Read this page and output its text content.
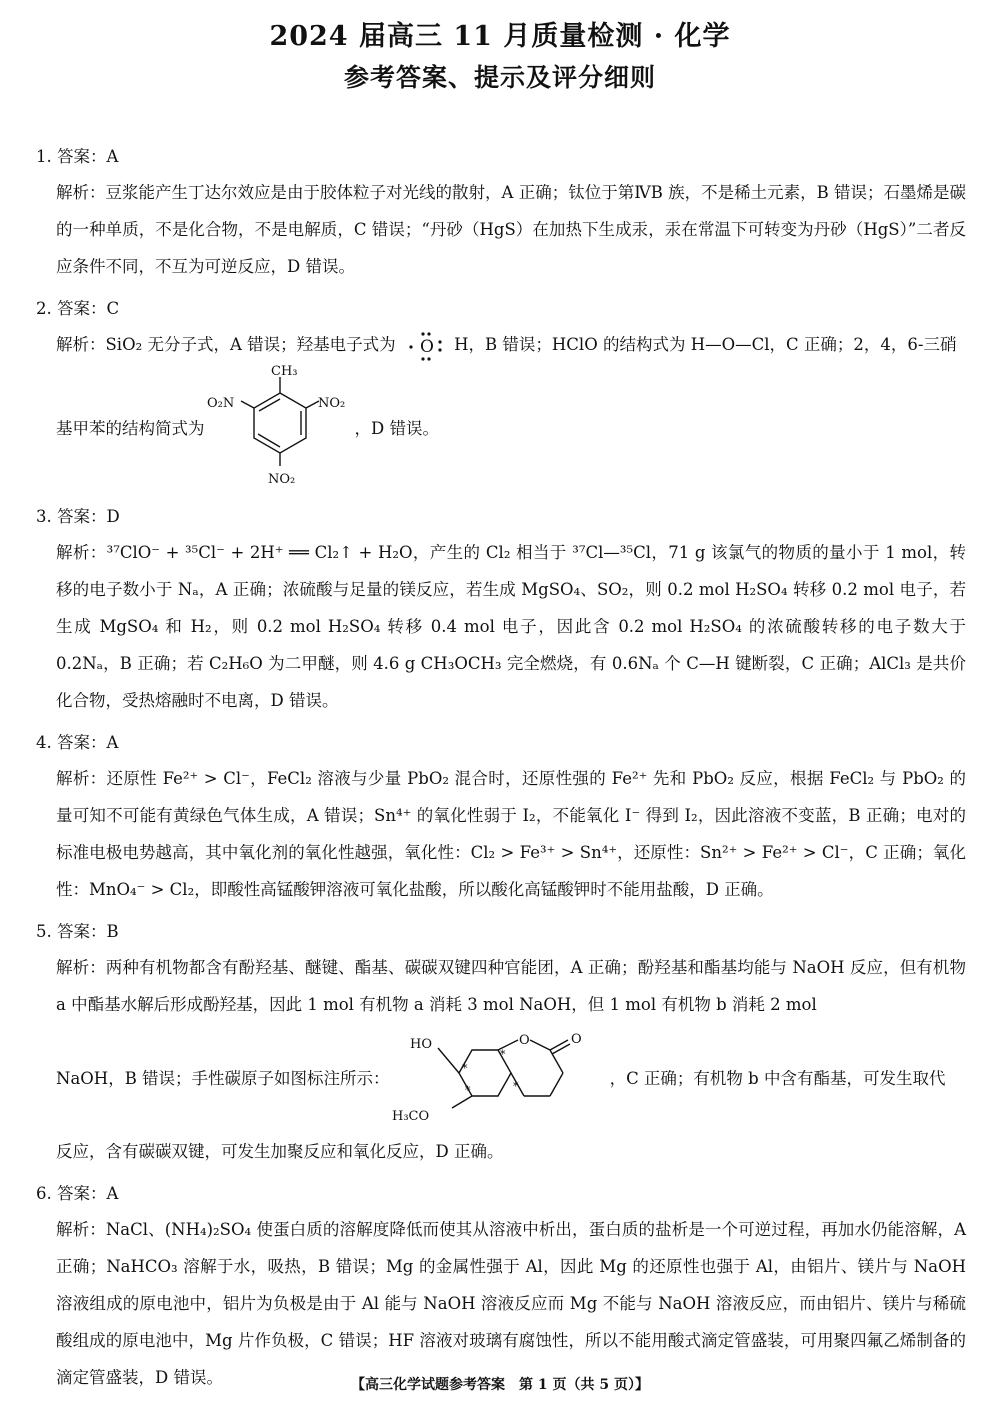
2024 届高三 11 月质量检测 · 化学
参考答案、提示及评分细则
1. 答案：A
解析：豆浆能产生丁达尔效应是由于胶体粒子对光线的散射，A 正确；钛位于第ⅣB 族，不是稀土元素，B 错误；石墨烯是碳的一种单质，不是化合物，不是电解质，C 错误；“丹砂（HgS）在加热下生成汞，汞在常温下可转变为丹砂（HgS）”二者反应条件不同，不互为可逆反应，D 错误。
2. 答案：C
解析：SiO₂ 无分子式，A 错误；羟基电子式为 O H，B 错误；HClO 的结构式为 H—O—Cl，C 正确；2，4，6-三硝
基甲苯的结构简式为
CH₃
O₂N	NO₂
NO₂
，D 错误。
3. 答案：D
解析：³⁷ClO⁻ + ³⁵Cl⁻ + 2H⁺ ══ Cl₂↑ + H₂O，产生的 Cl₂ 相当于 ³⁷Cl—³⁵Cl，71 g 该氯气的物质的量小于 1 mol，转移的电子数小于 Nₐ，A 正确；浓硫酸与足量的镁反应，若生成 MgSO₄、SO₂，则 0.2 mol H₂SO₄ 转移 0.2 mol 电子，若生成 MgSO₄ 和 H₂，则 0.2 mol H₂SO₄ 转移 0.4 mol 电子，因此含 0.2 mol H₂SO₄ 的浓硫酸转移的电子数大于 0.2Nₐ，B 正确；若 C₂H₆O 为二甲醚，则 4.6 g CH₃OCH₃ 完全燃烧，有 0.6Nₐ 个 C—H 键断裂，C 正确；AlCl₃ 是共价化合物，受热熔融时不电离，D 错误。
4. 答案：A
解析：还原性 Fe²⁺ > Cl⁻，FeCl₂ 溶液与少量 PbO₂ 混合时，还原性强的 Fe²⁺ 先和 PbO₂ 反应，根据 FeCl₂ 与 PbO₂ 的量可知不可能有黄绿色气体生成，A 错误；Sn⁴⁺ 的氧化性弱于 I₂，不能氧化 I⁻ 得到 I₂，因此溶液不变蓝，B 正确；电对的标准电极电势越高，其中氧化剂的氧化性越强，氧化性：Cl₂ > Fe³⁺ > Sn⁴⁺，还原性：Sn²⁺ > Fe²⁺ > Cl⁻，C 正确；氧化性：MnO₄⁻ > Cl₂，即酸性高锰酸钾溶液可氧化盐酸，所以酸化高锰酸钾时不能用盐酸，D 正确。
5. 答案：B
解析：两种有机物都含有酚羟基、醚键、酯基、碳碳双键四种官能团，A 正确；酚羟基和酯基均能与 NaOH 反应，但有机物 a 中酯基水解后形成酚羟基，因此 1 mol 有机物 a 消耗 3 mol NaOH，但 1 mol 有机物 b 消耗 2 mol
NaOH，B 错误；手性碳原子如图标注所示：
HO
H₃CO
O	O
*
*
*	*	，C 正确；有机物 b 中含有酯基，可发生取代
反应，含有碳碳双键，可发生加聚反应和氧化反应，D 正确。
6. 答案：A
解析：NaCl、(NH₄)₂SO₄ 使蛋白质的溶解度降低而使其从溶液中析出，蛋白质的盐析是一个可逆过程，再加水仍能溶解，A 正确；NaHCO₃ 溶解于水，吸热，B 错误；Mg 的金属性强于 Al，因此 Mg 的还原性也强于 Al，由铝片、镁片与 NaOH 溶液组成的原电池中，铝片为负极是由于 Al 能与 NaOH 溶液反应而 Mg 不能与 NaOH 溶液反应，而由铝片、镁片与稀硫酸组成的原电池中，Mg 片作负极，C 错误；HF 溶液对玻璃有腐蚀性，所以不能用酸式滴定管盛装，可用聚四氟乙烯制备的滴定管盛装，D 错误。	【高三化学试题参考答案　第 1 页（共 5 页）】
